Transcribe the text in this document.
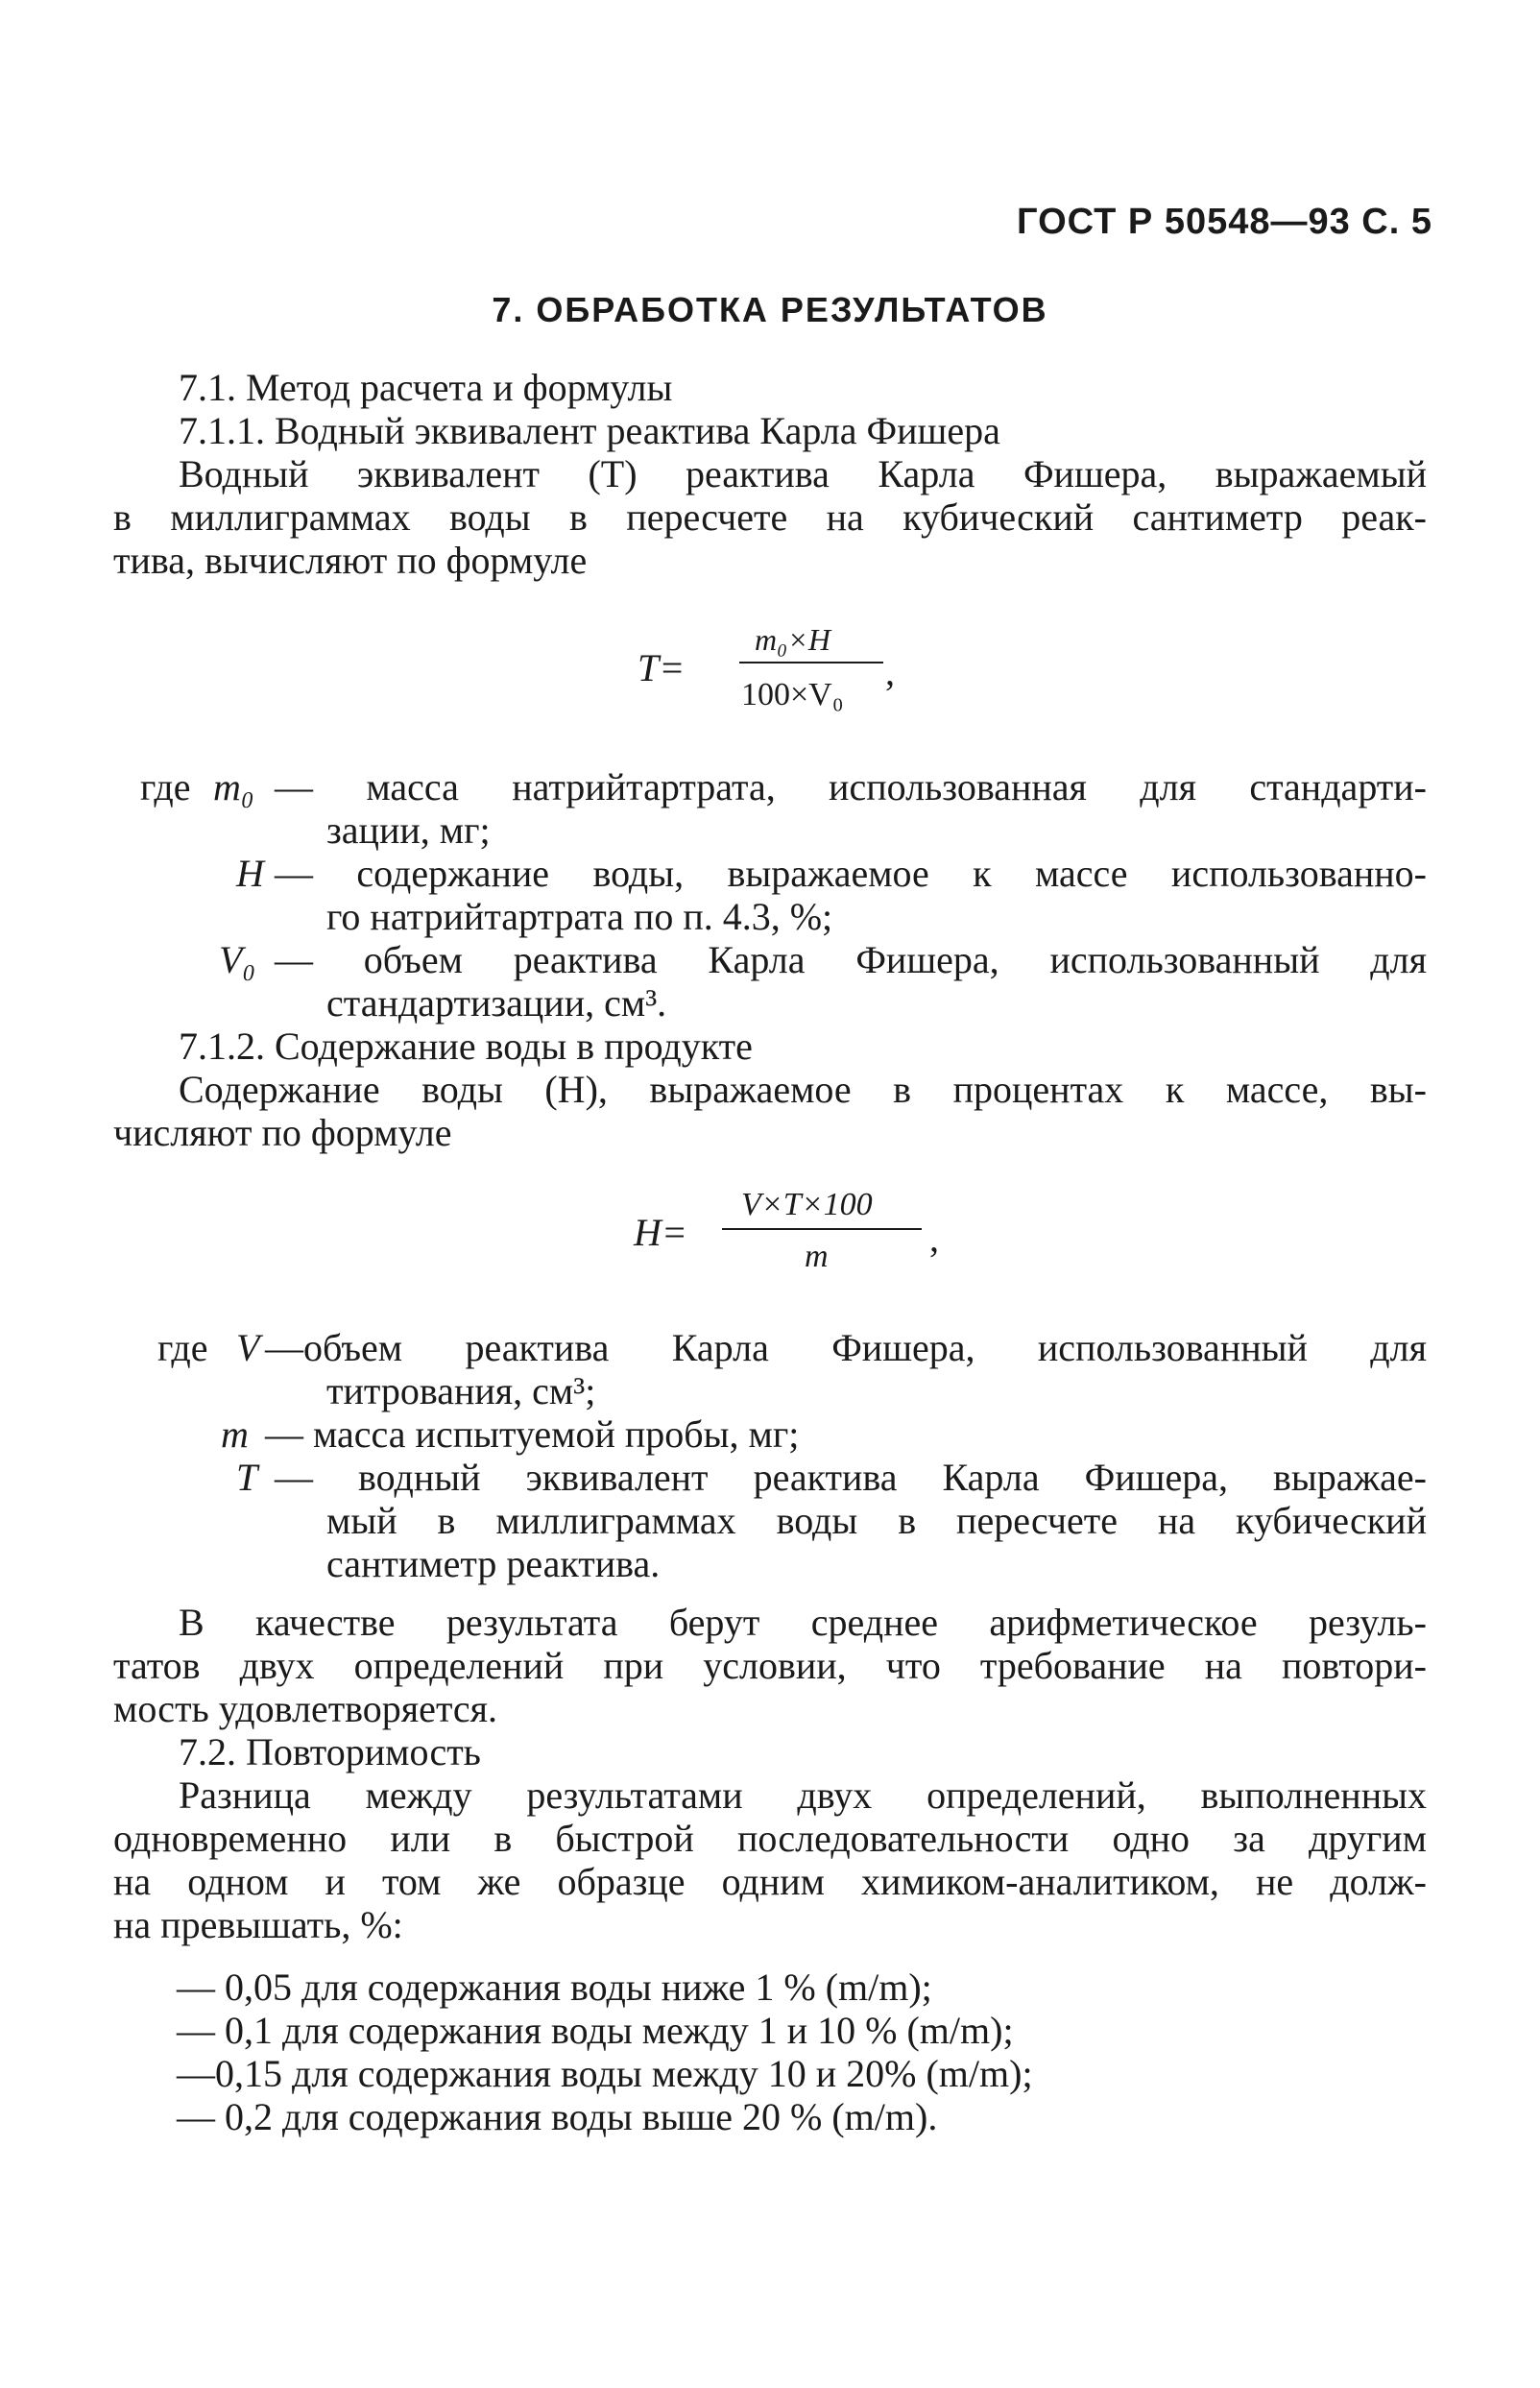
ГОСТ Р 50548—93 С. 5
7. ОБРАБОТКА РЕЗУЛЬТАТОВ
7.1. Метод расчета и формулы
7.1.1. Водный эквивалент реактива Карла Фишера
Водный эквивалент (T) реактива Карла Фишера, выражаемый
в миллиграммах воды в пересчете на кубический сантиметр реак-
тива, вычисляют по формуле
T=
m₀×H
100×V₀
,
где m₀ — масса натрийтартрата, использованная для стандарти-
зации, мг;
H — содержание воды, выражаемое к массе использованно-
го натрийтартрата по п. 4.3, %;
V₀ — объем реактива Карла Фишера, использованный для
стандартизации, см³.
7.1.2. Содержание воды в продукте
Содержание воды (H), выражаемое в процентах к массе, вы-
числяют по формуле
H=
V×T×100
m	,
где V —объем реактива Карла Фишера, использованный для
титрования, см³;
m — масса испытуемой пробы, мг;
T — водный эквивалент реактива Карла Фишера, выражае-
мый в миллиграммах воды в пересчете на кубический
сантиметр реактива.
В качестве результата берут среднее арифметическое резуль-
татов двух определений при условии, что требование на повтори-
мость удовлетворяется.
7.2. Повторимость
Разница между результатами двух определений, выполненных
одновременно или в быстрой последовательности одно за другим
на одном и том же образце одним химиком-аналитиком, не долж-
на превышать, %:
— 0,05 для содержания воды ниже 1 % (m/m);
— 0,1 для содержания воды между 1 и 10 % (m/m);
—0,15 для содержания воды между 10 и 20% (m/m);
— 0,2 для содержания воды выше 20 % (m/m).
